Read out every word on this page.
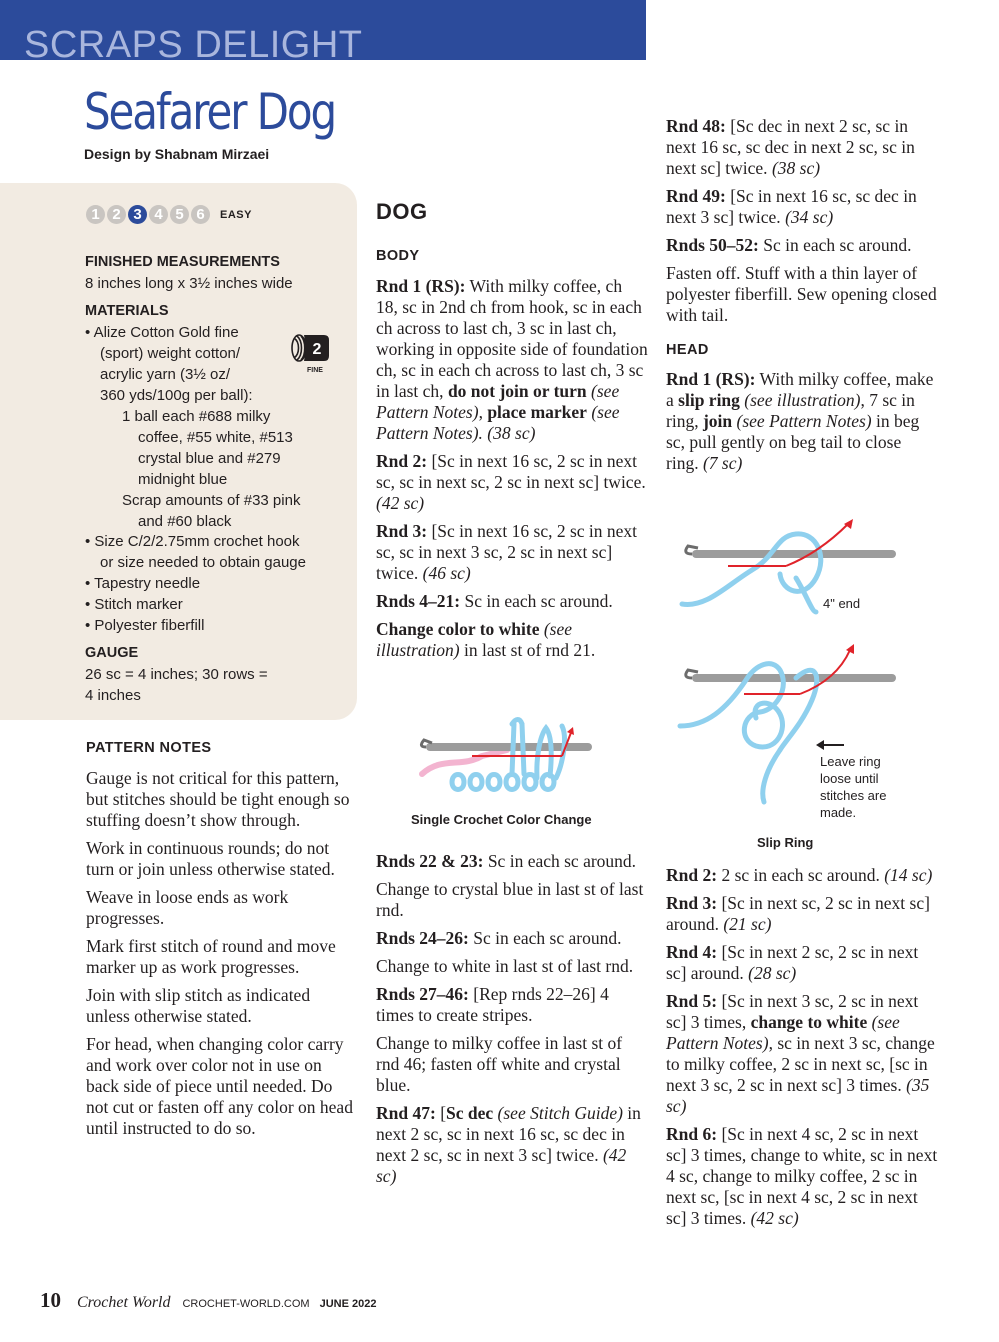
SCRAPS DELIGHT
Seafarer Dog
Design by Shabnam Mirzaei
1 2 3 4 5 6	EASY
FINISHED MEASUREMENTS
8 inches long x 3½ inches wide
MATERIALS
• Alize Cotton Gold fine
(sport) weight cotton/
acrylic yarn (3½ oz/
360 yds/100g per ball):
1 ball each #688 milky
coffee, #55 white, #513
crystal blue and #279
midnight blue
Scrap amounts of #33 pink
and #60 black
• Size C/2/2.75mm crochet hook
or size needed to obtain gauge
• Tapestry needle
• Stitch marker
• Polyester fiberfill
GAUGE
26 sc = 4 inches; 30 rows =
4 inches
2
FINE
PATTERN NOTES

Gauge is not critical for this pattern, but stitches should be tight enough so stuffing doesn’t show through.

Work in continuous rounds; do not turn or join unless otherwise stated.

Weave in loose ends as work progresses.

Mark first stitch of round and move marker up as work progresses.

Join with slip stitch as indicated unless otherwise stated.

For head, when changing color carry and work over color not in use on back side of piece until needed. Do not cut or fasten off any color on head until instructed to do so.

DOG
BODY

Rnd 1 (RS): With milky coffee, ch 18, sc in 2nd ch from hook, sc in each ch across to last ch, 3 sc in last ch, working in opposite side of foundation ch, sc in each ch across to last ch, 3 sc in last ch, do not join or turn (see Pattern Notes), place marker (see Pattern Notes). (38 sc)

Rnd 2: [Sc in next 16 sc, 2 sc in next sc, sc in next sc, 2 sc in next sc] twice. (42 sc)

Rnd 3: [Sc in next 16 sc, 2 sc in next sc, sc in next 3 sc, 2 sc in next sc] twice. (46 sc)

Rnds 4–21: Sc in each sc around.

Change color to white (see illustration) in last st of rnd 21.

Single Crochet Color Change

Rnds 22 & 23: Sc in each sc around.

Change to crystal blue in last st of last rnd.

Rnds 24–26: Sc in each sc around.

Change to white in last st of last rnd.

Rnds 27–46: [Rep rnds 22–26] 4 times to create stripes.

Change to milky coffee in last st of rnd 46; fasten off white and crystal blue.

Rnd 47: [Sc dec (see Stitch Guide) in next 2 sc, sc in next 16 sc, sc dec in next 2 sc, sc in next 3 sc] twice. (42 sc)

Rnd 48: [Sc dec in next 2 sc, sc in next 16 sc, sc dec in next 2 sc, sc in next sc] twice. (38 sc)

Rnd 49: [Sc in next 16 sc, sc dec in next 3 sc] twice. (34 sc)

Rnds 50–52: Sc in each sc around.

Fasten off. Stuff with a thin layer of polyester fiberfill. Sew opening closed with tail.

HEAD

Rnd 1 (RS): With milky coffee, make a slip ring (see illustration), 7 sc in ring, join (see Pattern Notes) in beg sc, pull gently on beg tail to close ring. (7 sc)

4" end
Leave ring
loose until
stitches are
made.
Slip Ring

Rnd 2: 2 sc in each sc around. (14 sc)

Rnd 3: [Sc in next sc, 2 sc in next sc] around. (21 sc)

Rnd 4: [Sc in next 2 sc, 2 sc in next sc] around. (28 sc)

Rnd 5: [Sc in next 3 sc, 2 sc in next sc] 3 times, change to white (see Pattern Notes), sc in next 3 sc, change to milky coffee, 2 sc in next sc, [sc in next 3 sc, 2 sc in next sc] 3 times. (35 sc)

Rnd 6: [Sc in next 4 sc, 2 sc in next sc] 3 times, change to white, sc in next 4 sc, change to milky coffee, 2 sc in next sc, [sc in next 4 sc, 2 sc in next sc] 3 times. (42 sc)

10 Crochet World CROCHET-WORLD.COM JUNE 2022
